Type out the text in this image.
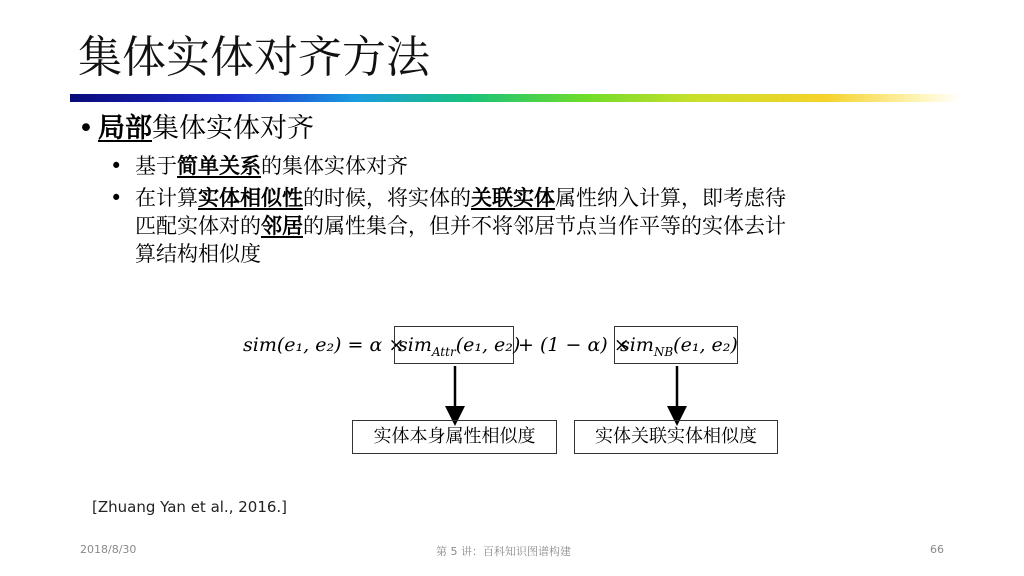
集体实体对齐方法
• 局部集体实体对齐
• 基于简单关系的集体实体对齐
• 在计算实体相似性的时候，将实体的关联实体属性纳入计算，即考虑待
匹配实体对的邻居的属性集合，但并不将邻居节点当作平等的实体去计
算结构相似度
sim(e₁, e₂) = α ×
sim$_{Attr}$(e₁, e₂)
+ (1 − α) ×
sim$_{NB}$(e₁, e₂)
实体本身属性相似度	实体关联实体相似度
[Zhuang Yan et al., 2016.]
2018/8/30	第 5 讲：百科知识图谱构建	66
